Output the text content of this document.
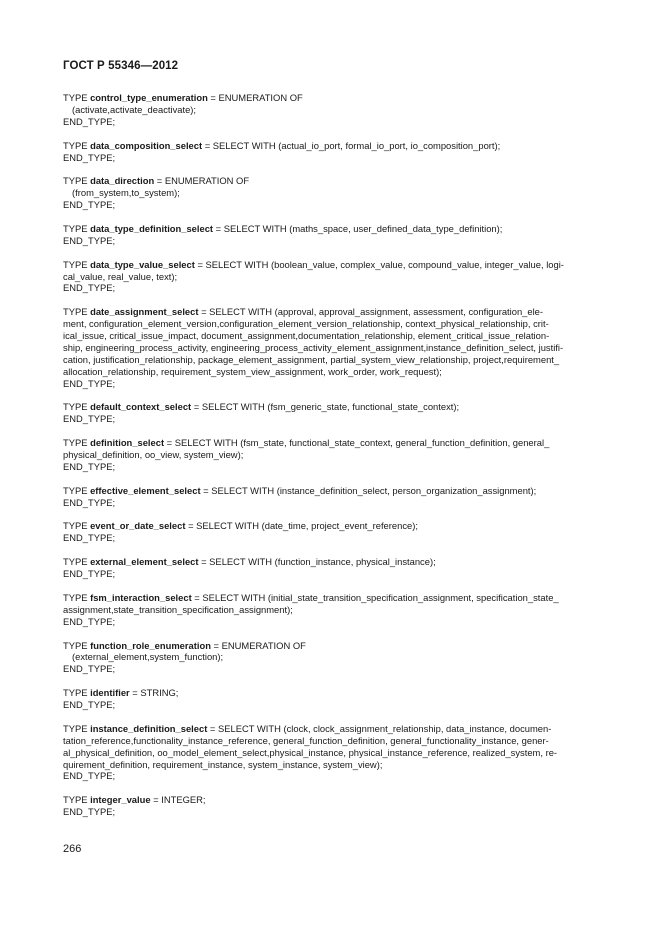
ГОСТ Р 55346—2012
TYPE control_type_enumeration = ENUMERATION OF
(activate,activate_deactivate);
END_TYPE;
TYPE data_composition_select = SELECT WITH (actual_io_port, formal_io_port, io_composition_port);
END_TYPE;
TYPE data_direction = ENUMERATION OF
(from_system,to_system);
END_TYPE;
TYPE data_type_definition_select = SELECT WITH (maths_space, user_defined_data_type_definition);
END_TYPE;
TYPE data_type_value_select = SELECT WITH (boolean_value, complex_value, compound_value, integer_value, logi-
cal_value, real_value, text);
END_TYPE;
TYPE date_assignment_select = SELECT WITH (approval, approval_assignment, assessment, configuration_ele-
ment, configuration_element_version,configuration_element_version_relationship, context_physical_relationship, crit-
ical_issue, critical_issue_impact, document_assignment,documentation_relationship, element_critical_issue_relation-
ship, engineering_process_activity, engineering_process_activity_element_assignment,instance_definition_select, justifi-
cation, justification_relationship, package_element_assignment, partial_system_view_relationship, project,requirement_
allocation_relationship, requirement_system_view_assignment, work_order, work_request);
END_TYPE;
TYPE default_context_select = SELECT WITH (fsm_generic_state, functional_state_context);
END_TYPE;
TYPE definition_select = SELECT WITH (fsm_state, functional_state_context, general_function_definition, general_
physical_definition, oo_view, system_view);
END_TYPE;
TYPE effective_element_select = SELECT WITH (instance_definition_select, person_organization_assignment);
END_TYPE;
TYPE event_or_date_select = SELECT WITH (date_time, project_event_reference);
END_TYPE;
TYPE external_element_select = SELECT WITH (function_instance, physical_instance);
END_TYPE;
TYPE fsm_interaction_select = SELECT WITH (initial_state_transition_specification_assignment, specification_state_
assignment,state_transition_specification_assignment);
END_TYPE;
TYPE function_role_enumeration = ENUMERATION OF
(external_element,system_function);
END_TYPE;
TYPE identifier = STRING;
END_TYPE;
TYPE instance_definition_select = SELECT WITH (clock, clock_assignment_relationship, data_instance, documen-
tation_reference,functionality_instance_reference, general_function_definition, general_functionality_instance, gener-
al_physical_definition, oo_model_element_select,physical_instance, physical_instance_reference, realized_system, re-
quirement_definition, requirement_instance, system_instance, system_view);
END_TYPE;
TYPE integer_value = INTEGER;
END_TYPE;
266
